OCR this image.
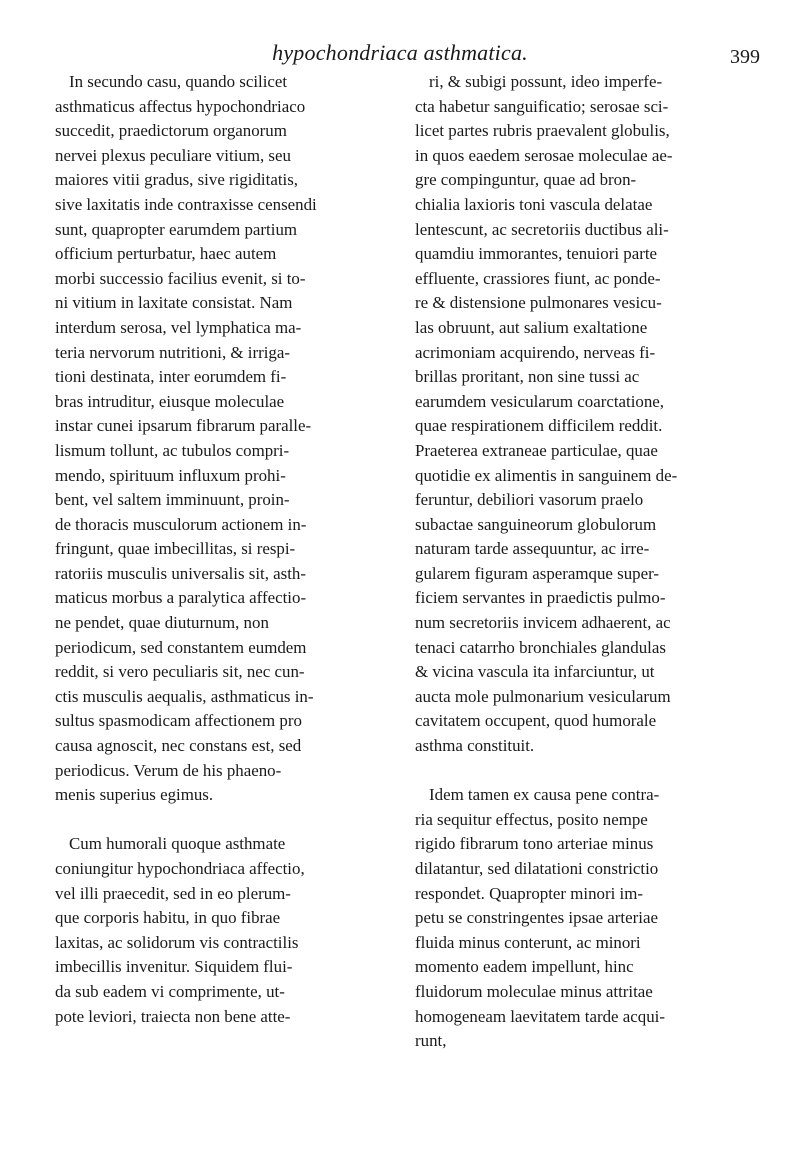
hypochondriaca asthmatica.	399
In secundo casu, quando scilicet
asthmaticus affectus hypochondriaco
succedit, praedictorum organorum
nervei plexus peculiare vitium, seu
maiores vitii gradus, sive rigiditatis,
sive laxitatis inde contraxisse censendi
sunt, quapropter earumdem partium
officium perturbatur, haec autem
morbi successio facilius evenit, si to-
ni vitium in laxitate consistat. Nam
interdum serosa, vel lymphatica ma-
teria nervorum nutritioni, & irriga-
tioni destinata, inter eorumdem fi-
bras intruditur, eiusque moleculae
instar cunei ipsarum fibrarum paralle-
lismum tollunt, ac tubulos compri-
mendo, spirituum influxum prohi-
bent, vel saltem imminuunt, proin-
de thoracis musculorum actionem in-
fringunt, quae imbecillitas, si respi-
ratoriis musculis universalis sit, asth-
maticus morbus a paralytica affectio-
ne pendet, quae diuturnum, non
periodicum, sed constantem eumdem
reddit, si vero peculiaris sit, nec cun-
ctis musculis aequalis, asthmaticus in-
sultus spasmodicam affectionem pro
causa agnoscit, nec constans est, sed
periodicus. Verum de his phaeno-
menis superius egimus.
Cum humorali quoque asthmate
coniungitur hypochondriaca affectio,
vel illi praecedit, sed in eo plerum-
que corporis habitu, in quo fibrae
laxitas, ac solidorum vis contractilis
imbecillis invenitur. Siquidem flui-
da sub eadem vi comprimente, ut-
pote leviori, traiecta non bene atte-
ri, & subigi possunt, ideo imperfe-
cta habetur sanguificatio; serosae sci-
licet partes rubris praevalent globulis,
in quos eaedem serosae moleculae ae-
gre compinguntur, quae ad bron-
chialia laxioris toni vascula delatae
lentescunt, ac secretoriis ductibus ali-
quamdiu immorantes, tenuiori parte
effluente, crassiores fiunt, ac ponde-
re & distensione pulmonares vesicu-
las obruunt, aut salium exaltatione
acrimoniam acquirendo, nerveas fi-
brillas proritant, non sine tussi ac
earumdem vesicularum coarctatione,
quae respirationem difficilem reddit.
Praeterea extraneae particulae, quae
quotidie ex alimentis in sanguinem de-
feruntur, debiliori vasorum praelo
subactae sanguineorum globulorum
naturam tarde assequuntur, ac irre-
gularem figuram asperamque super-
ficiem servantes in praedictis pulmo-
num secretoriis invicem adhaerent, ac
tenaci catarrho bronchiales glandulas
& vicina vascula ita infarciuntur, ut
aucta mole pulmonarium vesicularum
cavitatem occupent, quod humorale
asthma constituit.
Idem tamen ex causa pene contra-
ria sequitur effectus, posito nempe
rigido fibrarum tono arteriae minus
dilatantur, sed dilatationi constrictio
respondet. Quapropter minori im-
petu se constringentes ipsae arteriae
fluida minus conterunt, ac minori
momento eadem impellunt, hinc
fluidorum moleculae minus attritae
homogeneam laevitatem tarde acqui-
runt,
